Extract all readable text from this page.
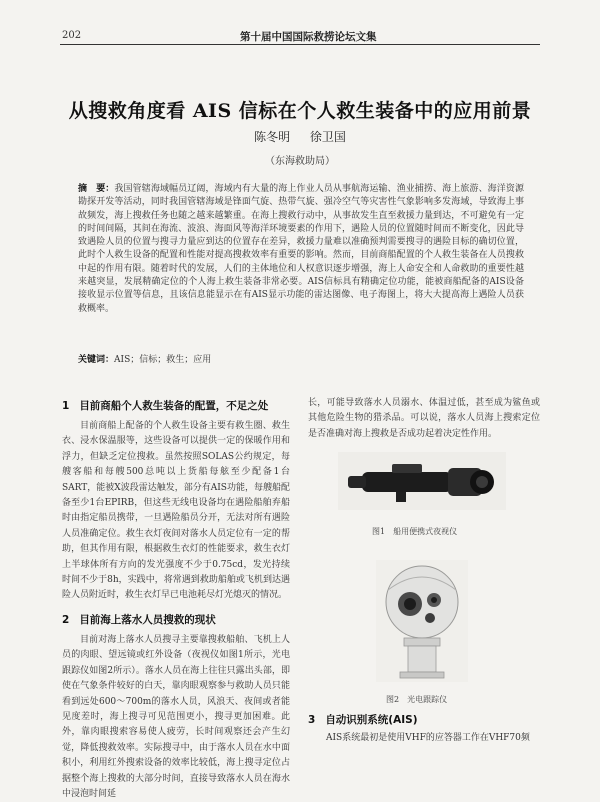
202	第十届中国国际救捞论坛文集
从搜救角度看 AIS 信标在个人救生装备中的应用前景
陈冬明 徐卫国
（东海救助局）
摘　要：我国管辖海域幅员辽阔，海域内有大量的海上作业人员从事航海运输、渔业捕捞、海上旅游、海洋资源勘探开发等活动，同时我国管辖海域是锋面气旋、热带气旋、强冷空气等灾害性气象影响多发海域，导致海上事故频发，海上搜救任务也随之越来越繁重。在海上搜救行动中，从事故发生直至救援力量到达，不可避免有一定的时间间隔，其间在海流、波浪、海面风等海洋环境要素的作用下，遇险人员的位置随时间而不断变化，因此导致遇险人员的位置与搜寻力量应到达的位置存在差异，救援力量难以准确预判需要搜寻的遇险目标的确切位置，此时个人救生设备的配置和性能对提高搜救效率有重要的影响。然而，目前商船配置的个人救生装备在人员搜救中起的作用有限。随着时代的发展，人们的主体地位和人权意识逐步增强，海上人命安全和人命救助的重要性越来越突显，发展精确定位的个人海上救生装备非常必要。AIS信标具有精确定位功能，能被商船配备的AIS设备接收显示位置等信息，且该信息能显示在有AIS显示功能的雷达图像、电子海图上，将大大提高海上遇险人员获救概率。
关键词：AIS；信标；救生；应用
1 目前商船个人救生装备的配置，不足之处

目前商船上配备的个人救生设备主要有救生圈、救生衣、浸水保温服等，这些设备可以提供一定的保暖作用和浮力，但缺乏定位搜救。虽然按照SOLAS公约规定，每艘客船和每艘500总吨以上货船每舷至少配备1台SART，能被X波段雷达触发，部分有AIS功能，每艘船配备至少1台EPIRB，但这些无线电设备均在遇险船舶弃船时由指定船员携带，一旦遇险船员分开，无法对所有遇险人员准确定位。救生衣灯夜间对落水人员定位有一定的帮助，但其作用有限，根据救生衣灯的性能要求，救生衣灯上半球体所有方向的发光强度不少于0.75cd，发光持续时间不少于8h，实践中，将常遇到救助船舶或飞机到达遇险人员附近时，救生衣灯早已电池耗尽灯光熄灭的情况。

2 目前海上落水人员搜救的现状

目前对海上落水人员搜寻主要靠搜救船舶、飞机上人员的肉眼、望远镜或红外设备（夜视仪如图1所示，光电跟踪仪如图2所示）。落水人员在海上往往只露出头部，即使在气象条件较好的白天，靠肉眼观察参与救助人员只能看到远处600～700m的落水人员，风浪天、夜间或者能见度差时，海上搜寻可见范围更小，搜寻更加困难。此外，靠肉眼搜索容易使人疲劳，长时间观察还会产生幻觉，降低搜救效率。实际搜寻中，由于落水人员在水中面积小，利用红外搜索设备的效率比较低，海上搜寻定位占据整个海上搜救的大部分时间，直接导致落水人员在海水中浸泡时间延

长，可能导致落水人员溺水、体温过低，甚至成为鲨鱼或其他危险生物的猎杀品。可以说，落水人员海上搜索定位是否准确对海上搜救是否成功起着决定性作用。

图1　船用便携式夜视仪
图2　光电跟踪仪
3 自动识别系统(AIS)

AIS系统最初是使用VHF的应答器工作在VHF70频
